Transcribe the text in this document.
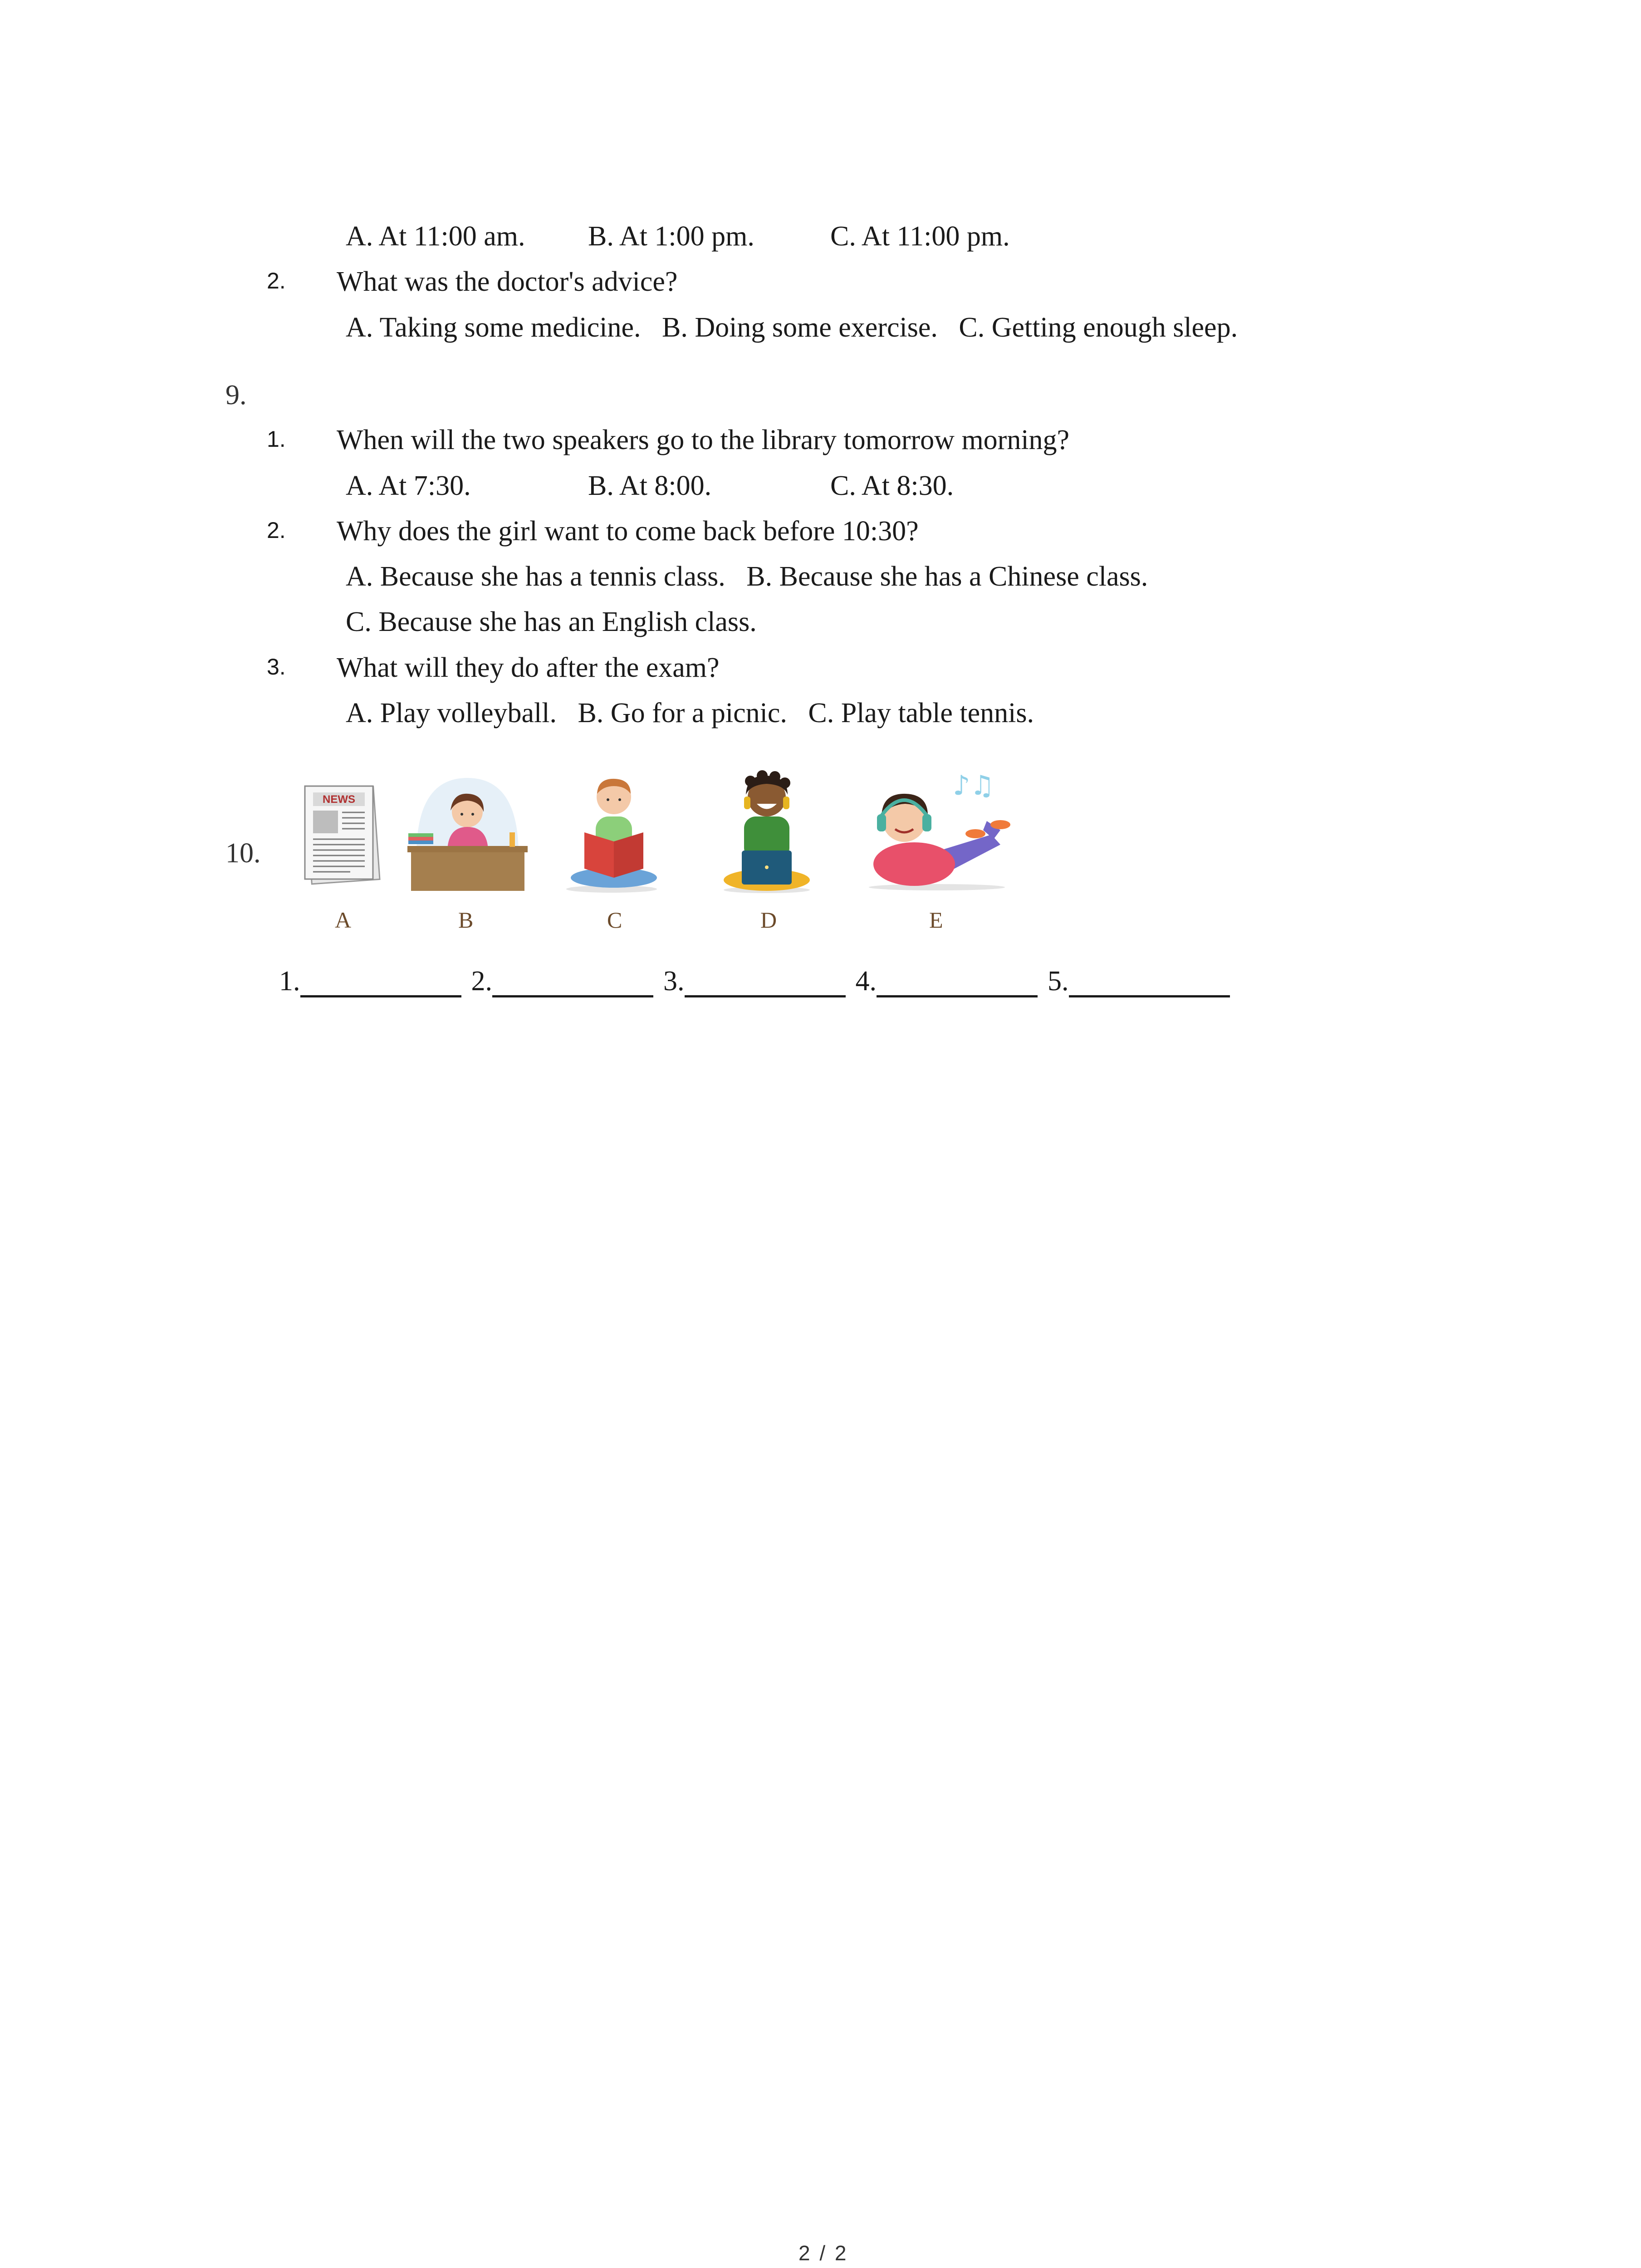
A. At 11:00 am. B. At 1:00 pm.	C. At 11:00 pm.
2. What was the doctor's advice?
A. Taking some medicine.   B. Doing some exercise.   C. Getting enough sleep.
9.
1. When will the two speakers go to the library tomorrow morning?
A. At 7:30.	B. At 8:00.	C. At 8:30.
2. Why does the girl want to come back before 10:30?
A. Because she has a tennis class.   B. Because she has a Chinese class.
C. Because she has an English class.
3. What will they do after the exam?
A. Play volleyball.   B. Go for a picnic.   C. Play table tennis.
10.
NEWS	♪♫
A	B	C	D	E
1.	2.	3.	4.	5.
2 / 2
